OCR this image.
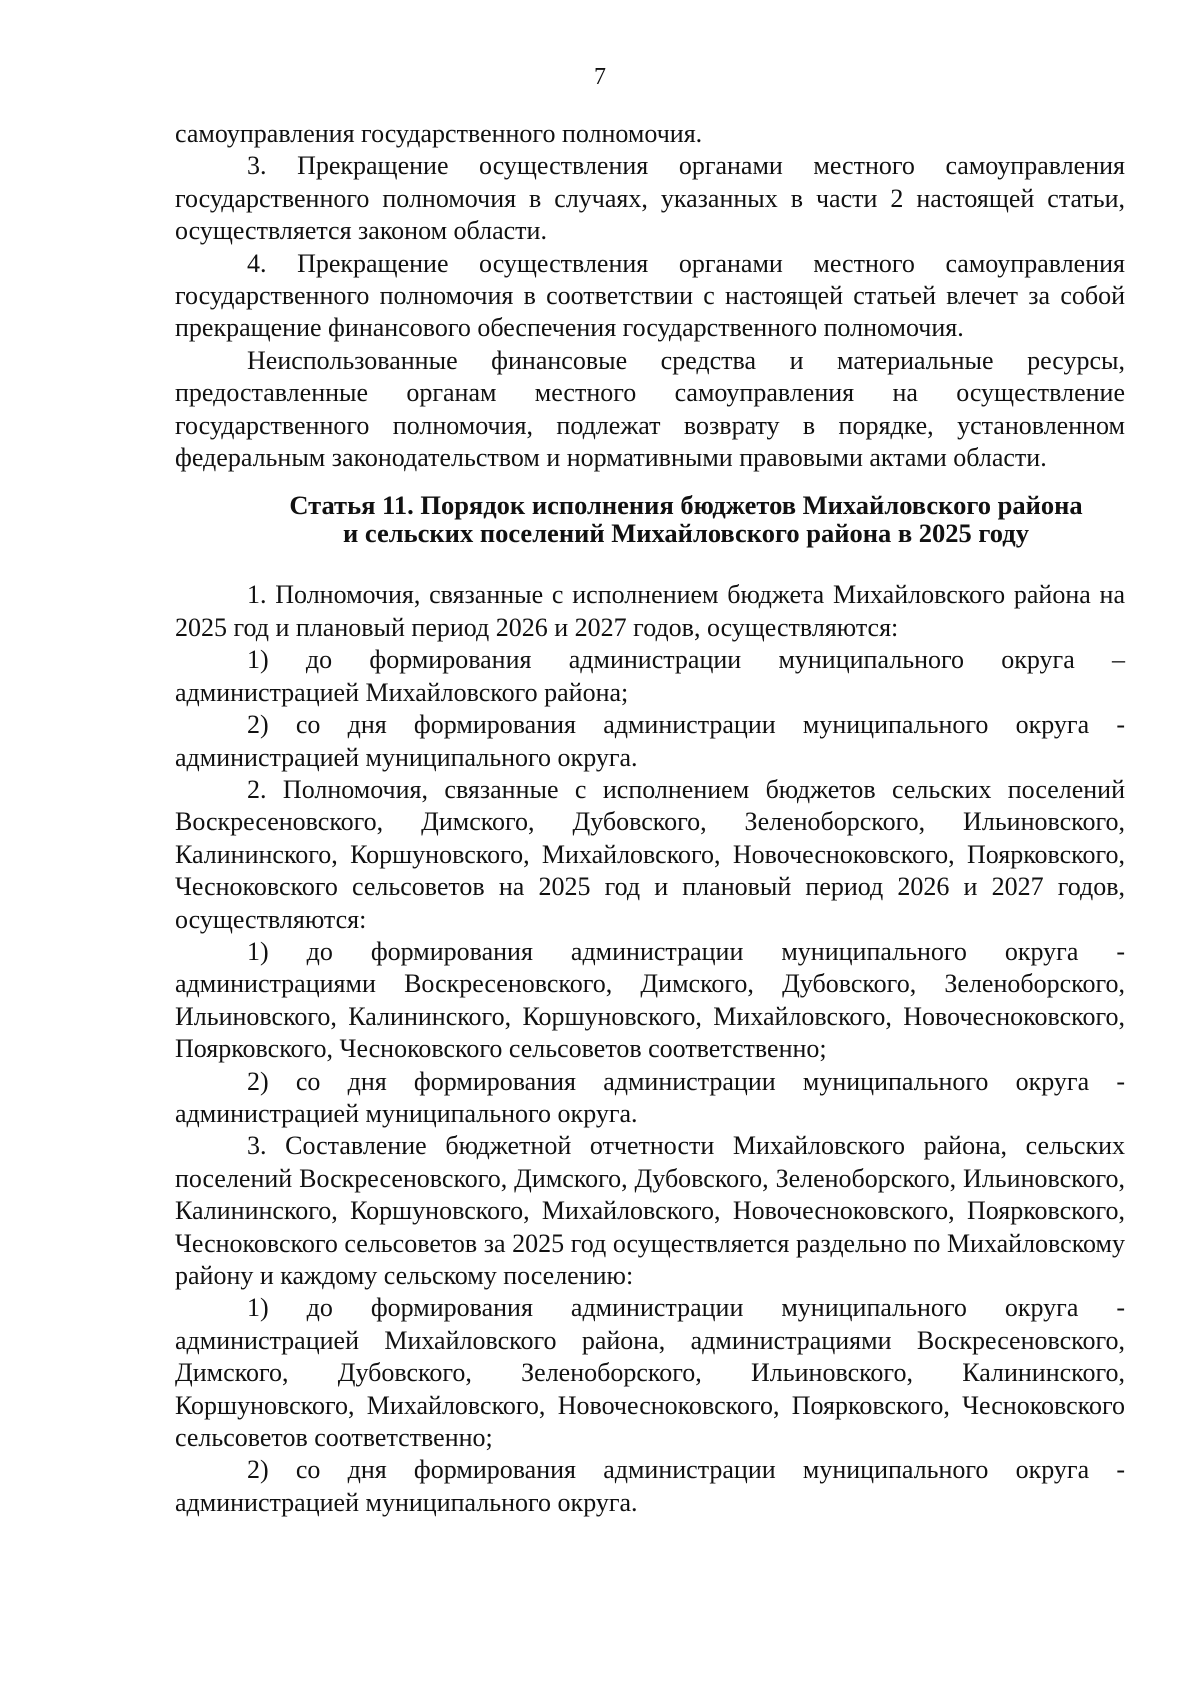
7

самоуправления государственного полномочия.

3. Прекращение осуществления органами местного самоуправления государственного полномочия в случаях, указанных в части 2 настоящей статьи, осуществляется законом области.

4. Прекращение осуществления органами местного самоуправления государственного полномочия в соответствии с настоящей статьей влечет за собой прекращение финансового обеспечения государственного полномочия.

Неиспользованные финансовые средства и материальные ресурсы, предоставленные органам местного самоуправления на осуществление государственного полномочия, подлежат возврату в порядке, установленном федеральным законодательством и нормативными правовыми актами области.

Статья 11. Порядок исполнения бюджетов Михайловского района
и сельских поселений Михайловского района в 2025 году

1. Полномочия, связанные с исполнением бюджета Михайловского района на 2025 год и плановый период 2026 и 2027 годов, осуществляются:

1) до формирования администрации муниципального округа – администрацией Михайловского района;

2) со дня формирования администрации муниципального округа - администрацией муниципального округа.

2. Полномочия, связанные с исполнением бюджетов сельских поселений Воскресеновского, Димского, Дубовского, Зеленоборского, Ильиновского, Калининского, Коршуновского, Михайловского, Новочесноковского, Поярковского, Чесноковского сельсоветов на 2025 год и плановый период 2026 и 2027 годов, осуществляются:

1) до формирования администрации муниципального округа - администрациями Воскресеновского, Димского, Дубовского, Зеленоборского, Ильиновского, Калининского, Коршуновского, Михайловского, Новочесноковского, Поярковского, Чесноковского сельсоветов соответственно;

2) со дня формирования администрации муниципального округа - администрацией муниципального округа.

3. Составление бюджетной отчетности Михайловского района, сельских поселений Воскресеновского, Димского, Дубовского, Зеленоборского, Ильиновского, Калининского, Коршуновского, Михайловского, Новочесноковского, Поярковского, Чесноковского сельсоветов за 2025 год осуществляется раздельно по Михайловскому району и каждому сельскому поселению:

1) до формирования администрации муниципального округа - администрацией Михайловского района, администрациями Воскресеновского, Димского, Дубовского, Зеленоборского, Ильиновского, Калининского, Коршуновского, Михайловского, Новочесноковского, Поярковского, Чесноковского сельсоветов соответственно;

2) со дня формирования администрации муниципального округа - администрацией муниципального округа.
